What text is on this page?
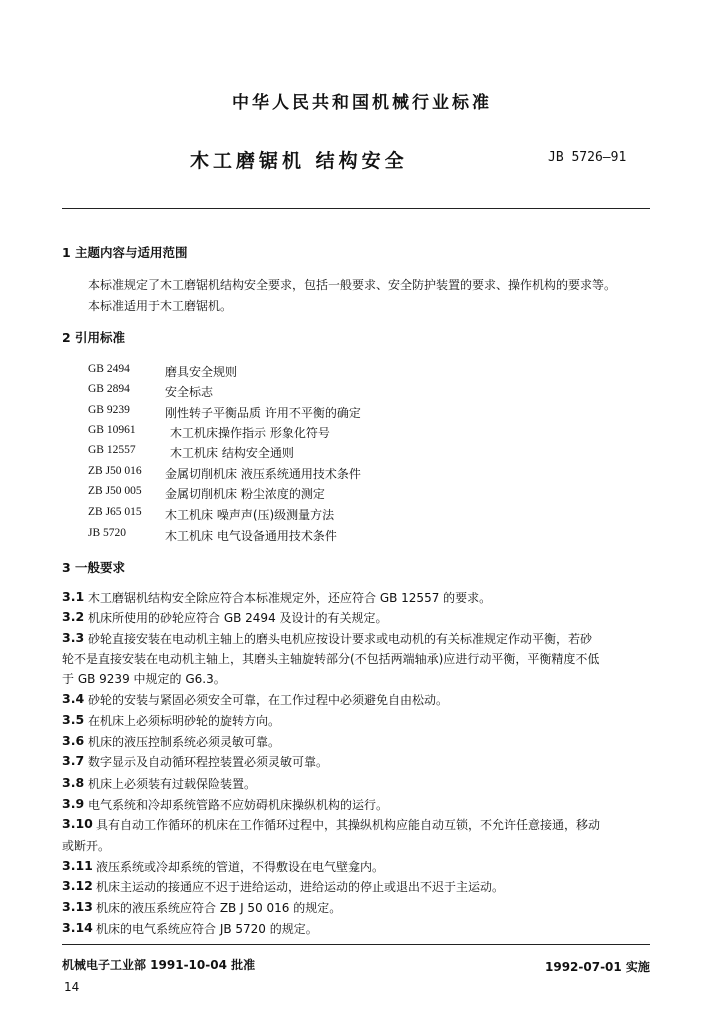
中华人民共和国机械行业标准
木工磨锯机 结构安全	JB 5726—91
1 主题内容与适用范围
本标准规定了木工磨锯机结构安全要求，包括一般要求、安全防护装置的要求、操作机构的要求等。
本标准适用于木工磨锯机。
2 引用标准
GB 2494	磨具安全规则
GB 2894	安全标志
GB 9239	刚性转子平衡品质 许用不平衡的确定
GB 10961	木工机床操作指示 形象化符号
GB 12557	木工机床 结构安全通则
ZB J50 016 金属切削机床 液压系统通用技术条件
ZB J50 005 金属切削机床 粉尘浓度的测定
ZB J65 015 木工机床 噪声声(压)级测量方法
JB 5720	木工机床 电气设备通用技术条件
3 一般要求
3.1 木工磨锯机结构安全除应符合本标准规定外，还应符合 GB 12557 的要求。
3.2 机床所使用的砂轮应符合 GB 2494 及设计的有关规定。
3.3 砂轮直接安装在电动机主轴上的磨头电机应按设计要求或电动机的有关标准规定作动平衡，若砂
轮不是直接安装在电动机主轴上，其磨头主轴旋转部分(不包括两端轴承)应进行动平衡，平衡精度不低
于 GB 9239 中规定的 G6.3。
3.4 砂轮的安装与紧固必须安全可靠，在工作过程中必须避免自由松动。
3.5 在机床上必须标明砂轮的旋转方向。
3.6 机床的液压控制系统必须灵敏可靠。
3.7 数字显示及自动循环程控装置必须灵敏可靠。
3.8 机床上必须装有过载保险装置。
3.9 电气系统和冷却系统管路不应妨碍机床操纵机构的运行。
3.10 具有自动工作循环的机床在工作循环过程中，其操纵机构应能自动互锁，不允许任意接通，移动
或断开。
3.11 液压系统或冷却系统的管道，不得敷设在电气壁龛内。
3.12 机床主运动的接通应不迟于进给运动，进给运动的停止或退出不迟于主运动。
3.13 机床的液压系统应符合 ZB J 50 016 的规定。
3.14 机床的电气系统应符合 JB 5720 的规定。
机械电子工业部 1991-10-04 批准	1992-07-01 实施
14
